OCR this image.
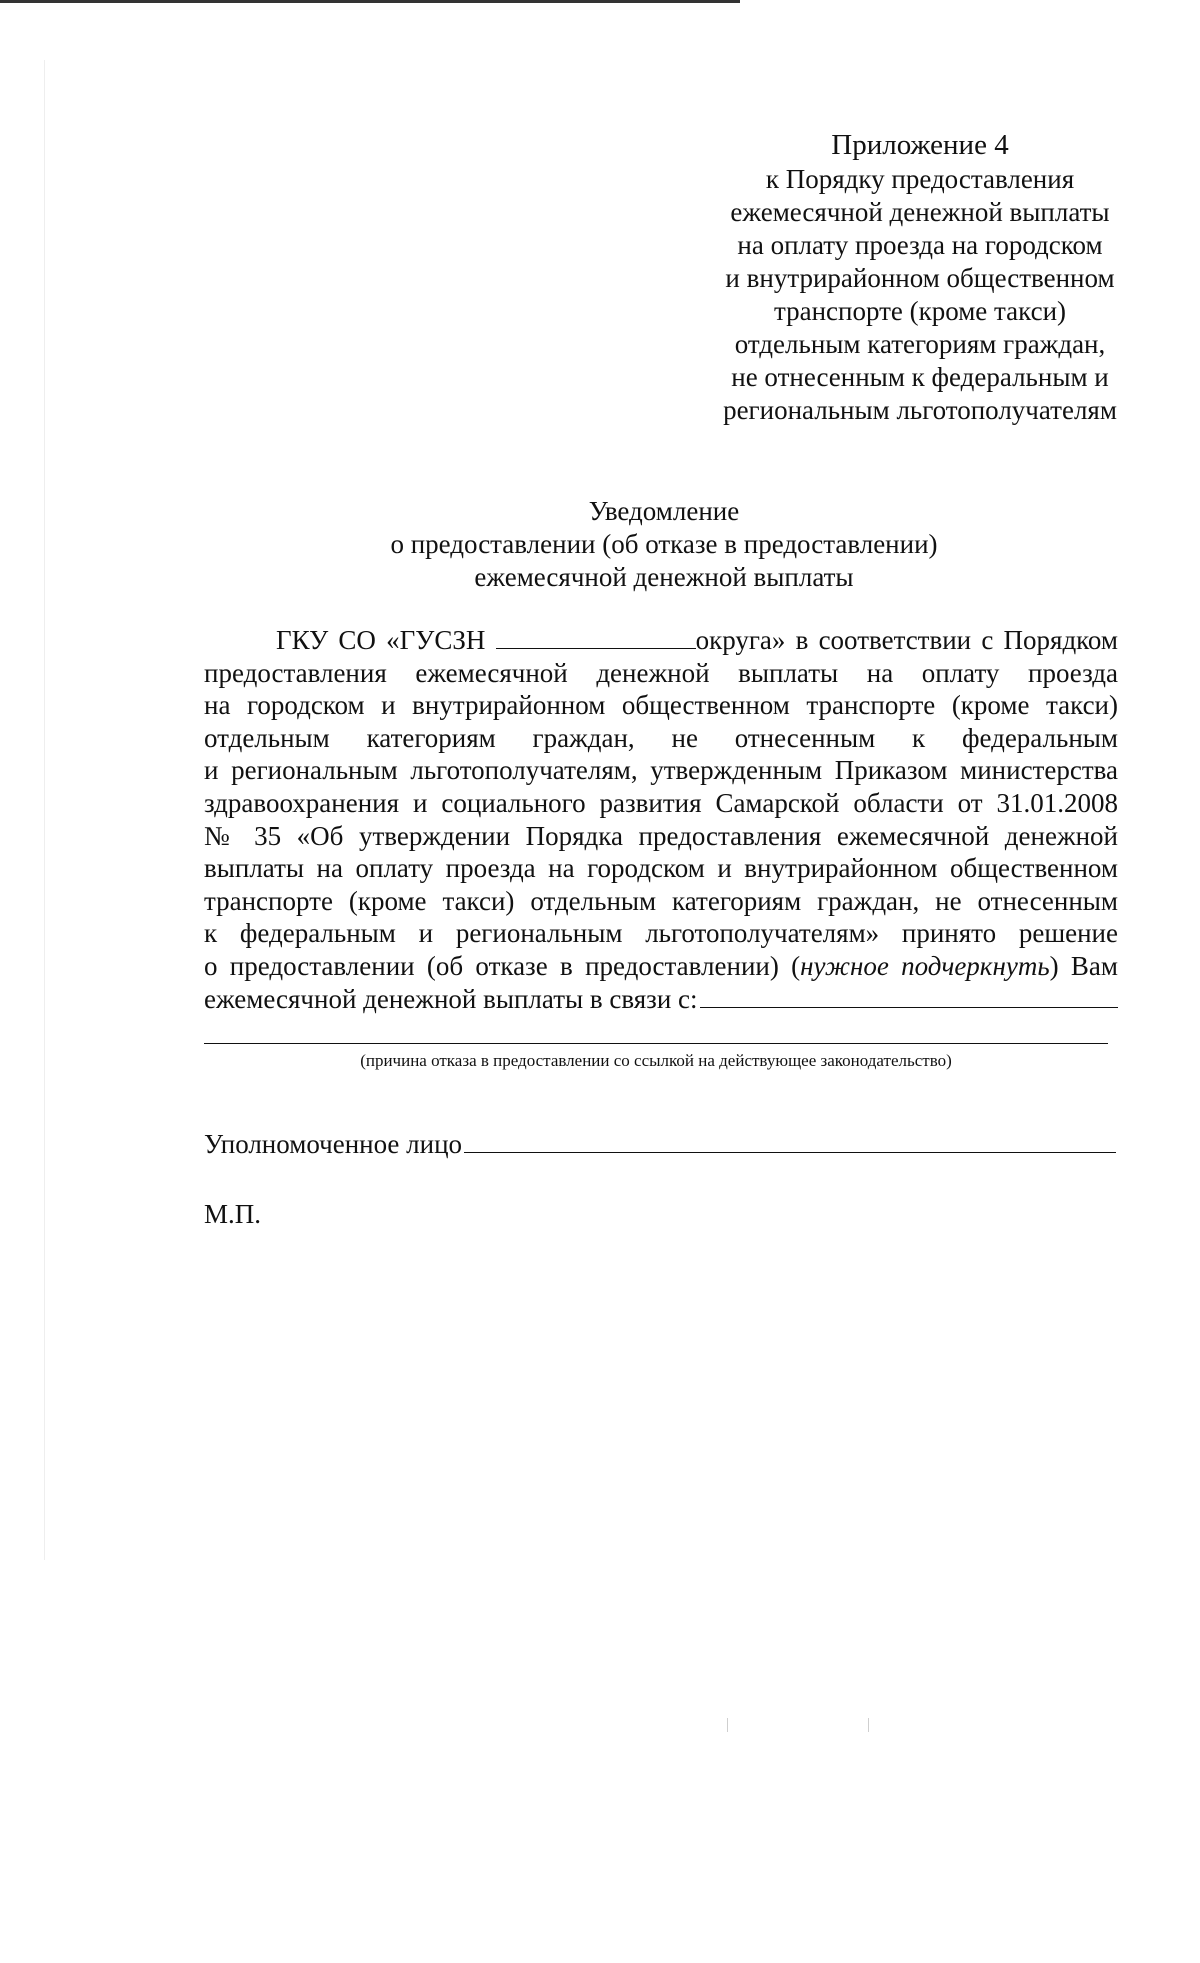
Приложение 4
к Порядку предоставления
ежемесячной денежной выплаты
на оплату проезда на городском
и внутрирайонном общественном
транспорте (кроме такси)
отдельным категориям граждан,
не отнесенным к федеральным и
региональным льготополучателям
Уведомление
о предоставлении (об отказе в предоставлении)
ежемесячной денежной выплаты
ГКУ СО «ГУСЗН	округа» в соответствии с Порядком
предоставления ежемесячной денежной выплаты на оплату проезда
на городском и внутрирайонном общественном транспорте (кроме такси)
отдельным категориям граждан, не отнесенным к федеральным
и региональным льготополучателям, утвержденным Приказом министерства
здравоохранения и социального развития Самарской области от 31.01.2008
№ 35 «Об утверждении Порядка предоставления ежемесячной денежной
выплаты на оплату проезда на городском и внутрирайонном общественном
транспорте (кроме такси) отдельным категориям граждан, не отнесенным
к федеральным и региональным льготополучателям» принято решение
о предоставлении (об отказе в предоставлении) (нужное подчеркнуть) Вам
ежемесячной денежной выплаты в связи с:
(причина отказа в предоставлении со ссылкой на действующее законодательство)
Уполномоченное лицо
М.П.
